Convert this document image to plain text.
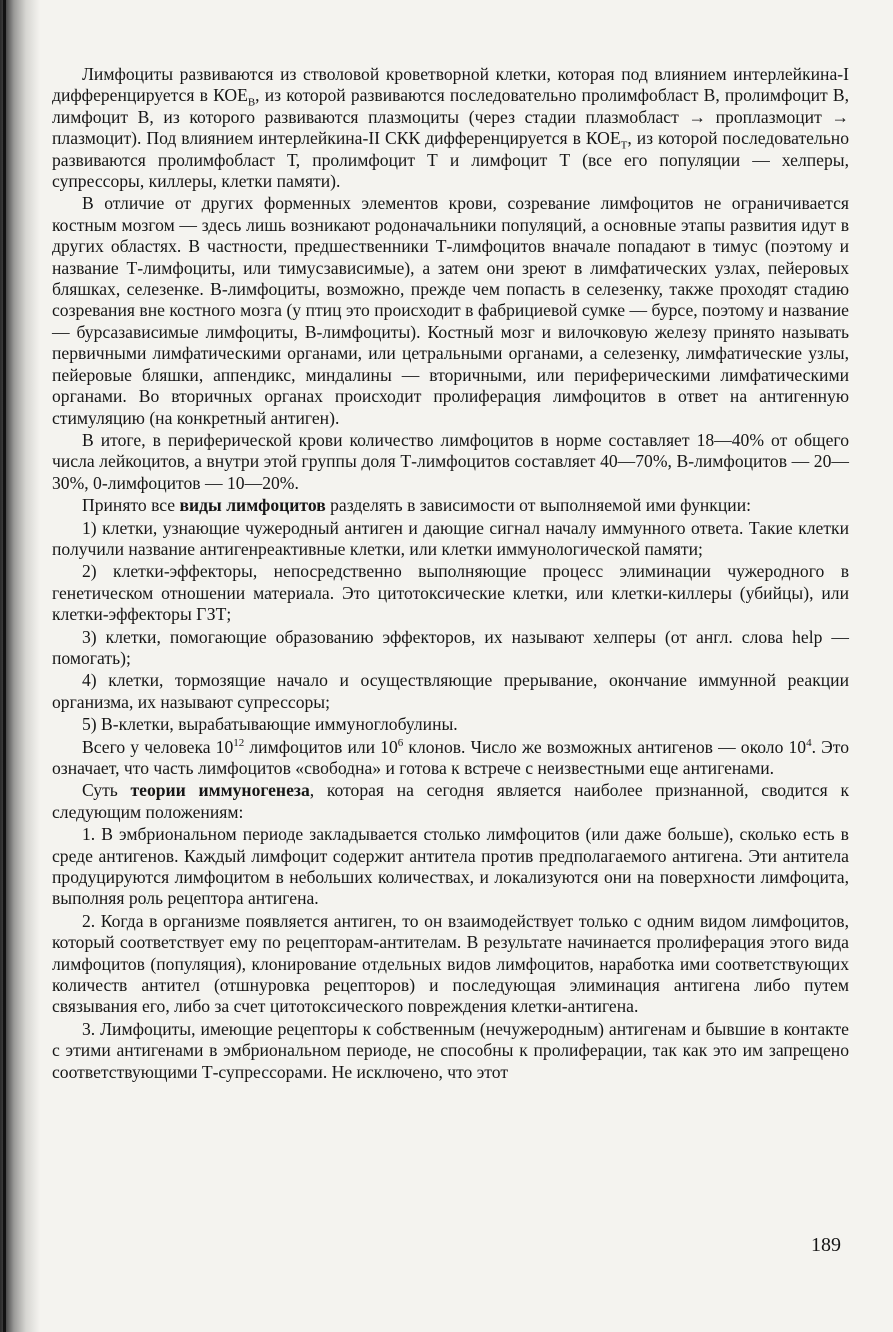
Лимфоциты развиваются из стволовой кроветворной клетки, которая под влиянием интерлейкина-I дифференцируется в $КОЕ_В$, из которой развиваются последовательно пролимфобласт В, пролимфоцит В, лимфоцит В, из которого развиваются плазмоциты (через стадии плазмобласт → проплазмоцит → плазмоцит). Под влиянием интерлейкина-II СКК дифференцируется в $КОЕ_Т$, из которой последовательно развиваются пролимфобласт Т, пролимфоцит Т и лимфоцит Т (все его популяции — хелперы, супрессоры, киллеры, клетки памяти).

В отличие от других форменных элементов крови, созревание лимфоцитов не ограничивается костным мозгом — здесь лишь возникают родоначальники популяций, а основные этапы развития идут в других областях. В частности, предшественники Т-лимфоцитов вначале попадают в тимус (поэтому и название Т-лимфоциты, или тимусзависимые), а затем они зреют в лимфатических узлах, пейеровых бляшках, селезенке. В-лимфоциты, возможно, прежде чем попасть в селезенку, также проходят стадию созревания вне костного мозга (у птиц это происходит в фабрициевой сумке — бурсе, поэтому и название — бурсазависимые лимфоциты, В-лимфоциты). Костный мозг и вилочковую железу принято называть первичными лимфатическими органами, или цетральными органами, а селезенку, лимфатические узлы, пейеровые бляшки, аппендикс, миндалины — вторичными, или периферическими лимфатическими органами. Во вторичных органах происходит пролиферация лимфоцитов в ответ на антигенную стимуляцию (на конкретный антиген).

В итоге, в периферической крови количество лимфоцитов в норме составляет 18—40% от общего числа лейкоцитов, а внутри этой группы доля Т-лимфоцитов составляет 40—70%, В-лимфоцитов — 20—30%, 0-лимфоцитов — 10—20%.

Принято все виды лимфоцитов разделять в зависимости от выполняемой ими функции:

1) клетки, узнающие чужеродный антиген и дающие сигнал началу иммунного ответа. Такие клетки получили название антигенреактивные клетки, или клетки иммунологической памяти;

2) клетки-эффекторы, непосредственно выполняющие процесс элиминации чужеродного в генетическом отношении материала. Это цитотоксические клетки, или клетки-киллеры (убийцы), или клетки-эффекторы ГЗТ;

3) клетки, помогающие образованию эффекторов, их называют хелперы (от англ. слова help — помогать);

4) клетки, тормозящие начало и осуществляющие прерывание, окончание иммунной реакции организма, их называют супрессоры;

5) В-клетки, вырабатывающие иммуноглобулины.

Всего у человека $10^{12}$ лимфоцитов или $10^6$ клонов. Число же возможных антигенов — около $10^4$. Это означает, что часть лимфоцитов «свободна» и готова к встрече с неизвестными еще антигенами.

Суть теории иммуногенеза, которая на сегодня является наиболее признанной, сводится к следующим положениям:

1. В эмбриональном периоде закладывается столько лимфоцитов (или даже больше), сколько есть в среде антигенов. Каждый лимфоцит содержит антитела против предполагаемого антигена. Эти антитела продуцируются лимфоцитом в небольших количествах, и локализуются они на поверхности лимфоцита, выполняя роль рецептора антигена.

2. Когда в организме появляется антиген, то он взаимодействует только с одним видом лимфоцитов, который соответствует ему по рецепторам-антителам. В результате начинается пролиферация этого вида лимфоцитов (популяция), клонирование отдельных видов лимфоцитов, наработка ими соответствующих количеств антител (отшнуровка рецепторов) и последующая элиминация антигена либо путем связывания его, либо за счет цитотоксического повреждения клетки-антигена.

3. Лимфоциты, имеющие рецепторы к собственным (нечужеродным) антигенам и бывшие в контакте с этими антигенами в эмбриональном периоде, не способны к пролиферации, так как это им запрещено соответствующими Т-супрессорами. Не исключено, что этот

189
